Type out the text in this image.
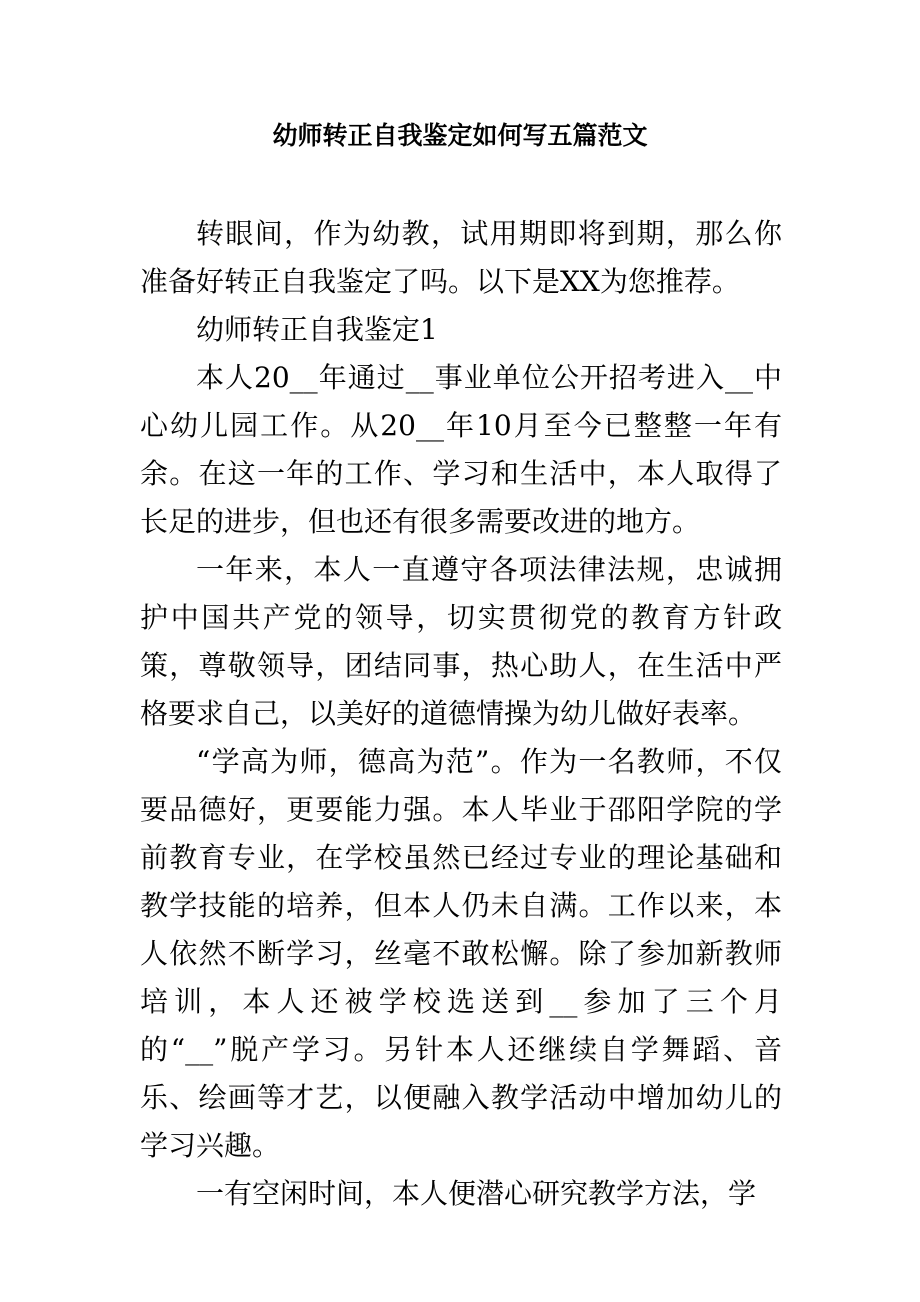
幼师转正自我鉴定如何写五篇范文

转眼间，作为幼教，试用期即将到期，那么你准备好转正自我鉴定了吗。以下是XX为您推荐。

幼师转正自我鉴定1

本人20__年通过__事业单位公开招考进入__中心幼儿园工作。从20__年10月至今已整整一年有余。在这一年的工作、学习和生活中，本人取得了长足的进步，但也还有很多需要改进的地方。

一年来，本人一直遵守各项法律法规，忠诚拥护中国共产党的领导，切实贯彻党的教育方针政策，尊敬领导，团结同事，热心助人，在生活中严格要求自己，以美好的道德情操为幼儿做好表率。

“学高为师，德高为范”。作为一名教师，不仅要品德好，更要能力强。本人毕业于邵阳学院的学前教育专业，在学校虽然已经过专业的理论基础和教学技能的培养，但本人仍未自满。工作以来，本人依然不断学习，丝毫不敢松懈。除了参加新教师培训，本人还被学校选送到__参加了三个月的“__”脱产学习。另针本人还继续自学舞蹈、音乐、绘画等才艺，以便融入教学活动中增加幼儿的学习兴趣。

一有空闲时间，本人便潜心研究教学方法，学
